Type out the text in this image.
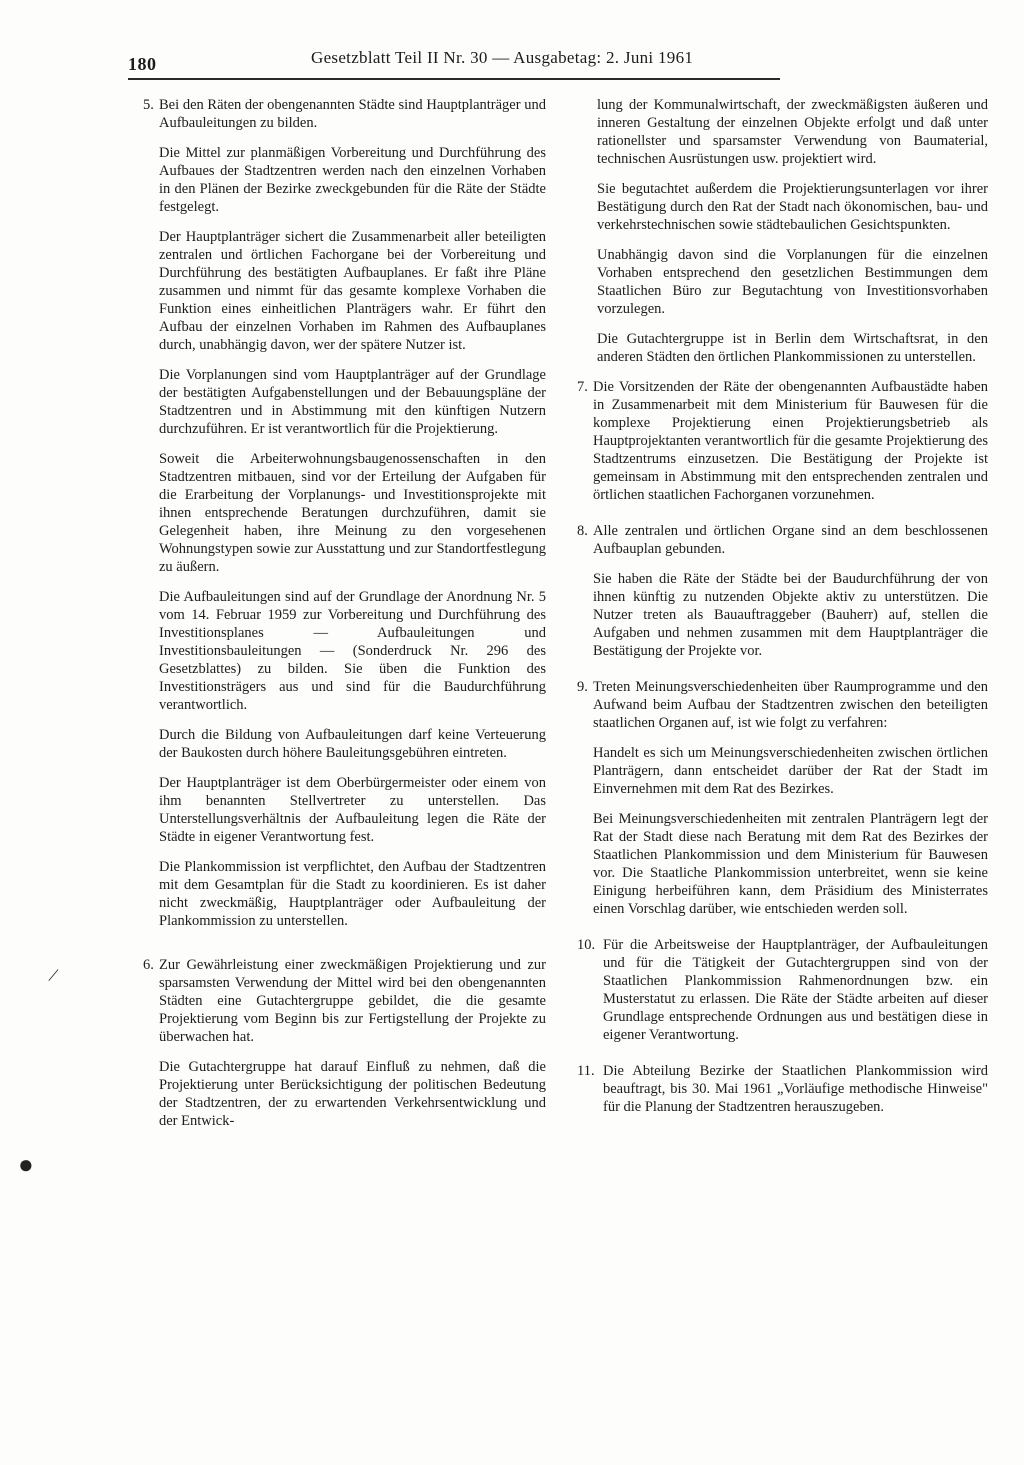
180	Gesetzblatt Teil II Nr. 30 — Ausgabetag: 2. Juni 1961
5. Bei den Räten der obengenannten Städte sind Hauptplanträger und Aufbauleitungen zu bilden.

Die Mittel zur planmäßigen Vorbereitung und Durchführung des Aufbaues der Stadtzentren werden nach den einzelnen Vorhaben in den Plänen der Bezirke zweckgebunden für die Räte der Städte festgelegt.

Der Hauptplanträger sichert die Zusammenarbeit aller beteiligten zentralen und örtlichen Fachorgane bei der Vorbereitung und Durchführung des bestätigten Aufbauplanes. Er faßt ihre Pläne zusammen und nimmt für das gesamte komplexe Vorhaben die Funktion eines einheitlichen Planträgers wahr. Er führt den Aufbau der einzelnen Vorhaben im Rahmen des Aufbauplanes durch, unabhängig davon, wer der spätere Nutzer ist.

Die Vorplanungen sind vom Hauptplanträger auf der Grundlage der bestätigten Aufgabenstellungen und der Bebauungspläne der Stadtzentren und in Abstimmung mit den künftigen Nutzern durchzuführen. Er ist verantwortlich für die Projektierung.

Soweit die Arbeiterwohnungsbaugenossenschaften in den Stadtzentren mitbauen, sind vor der Erteilung der Aufgaben für die Erarbeitung der Vorplanungs- und Investitionsprojekte mit ihnen entsprechende Beratungen durchzuführen, damit sie Gelegenheit haben, ihre Meinung zu den vorgesehenen Wohnungstypen sowie zur Ausstattung und zur Standortfestlegung zu äußern.

Die Aufbauleitungen sind auf der Grundlage der Anordnung Nr. 5 vom 14. Februar 1959 zur Vorbereitung und Durchführung des Investitionsplanes — Aufbauleitungen und Investitionsbauleitungen — (Sonderdruck Nr. 296 des Gesetzblattes) zu bilden. Sie üben die Funktion des Investitionsträgers aus und sind für die Baudurchführung verantwortlich.

Durch die Bildung von Aufbauleitungen darf keine Verteuerung der Baukosten durch höhere Bauleitungsgebühren eintreten.

Der Hauptplanträger ist dem Oberbürgermeister oder einem von ihm benannten Stellvertreter zu unterstellen. Das Unterstellungsverhältnis der Aufbauleitung legen die Räte der Städte in eigener Verantwortung fest.

Die Plankommission ist verpflichtet, den Aufbau der Stadtzentren mit dem Gesamtplan für die Stadt zu koordinieren. Es ist daher nicht zweckmäßig, Hauptplanträger oder Aufbauleitung der Plankommission zu unterstellen.

6. Zur Gewährleistung einer zweckmäßigen Projektierung und zur sparsamsten Verwendung der Mittel wird bei den obengenannten Städten eine Gutachtergruppe gebildet, die die gesamte Projektierung vom Beginn bis zur Fertigstellung der Projekte zu überwachen hat.

Die Gutachtergruppe hat darauf Einfluß zu nehmen, daß die Projektierung unter Berücksichtigung der politischen Bedeutung der Stadtzentren, der zu erwartenden Verkehrsentwicklung und der Entwick-

lung der Kommunalwirtschaft, der zweckmäßigsten äußeren und inneren Gestaltung der einzelnen Objekte erfolgt und daß unter rationellster und sparsamster Verwendung von Baumaterial, technischen Ausrüstungen usw. projektiert wird.

Sie begutachtet außerdem die Projektierungsunterlagen vor ihrer Bestätigung durch den Rat der Stadt nach ökonomischen, bau- und verkehrstechnischen sowie städtebaulichen Gesichtspunkten.

Unabhängig davon sind die Vorplanungen für die einzelnen Vorhaben entsprechend den gesetzlichen Bestimmungen dem Staatlichen Büro zur Begutachtung von Investitionsvorhaben vorzulegen.

Die Gutachtergruppe ist in Berlin dem Wirtschaftsrat, in den anderen Städten den örtlichen Plankommissionen zu unterstellen.

7. Die Vorsitzenden der Räte der obengenannten Aufbaustädte haben in Zusammenarbeit mit dem Ministerium für Bauwesen für die komplexe Projektierung einen Projektierungsbetrieb als Hauptprojektanten verantwortlich für die gesamte Projektierung des Stadtzentrums einzusetzen. Die Bestätigung der Projekte ist gemeinsam in Abstimmung mit den entsprechenden zentralen und örtlichen staatlichen Fachorganen vorzunehmen.

8. Alle zentralen und örtlichen Organe sind an dem beschlossenen Aufbauplan gebunden.

Sie haben die Räte der Städte bei der Baudurchführung der von ihnen künftig zu nutzenden Objekte aktiv zu unterstützen. Die Nutzer treten als Bauauftraggeber (Bauherr) auf, stellen die Aufgaben und nehmen zusammen mit dem Hauptplanträger die Bestätigung der Projekte vor.

9. Treten Meinungsverschiedenheiten über Raumprogramme und den Aufwand beim Aufbau der Stadtzentren zwischen den beteiligten staatlichen Organen auf, ist wie folgt zu verfahren:

Handelt es sich um Meinungsverschiedenheiten zwischen örtlichen Planträgern, dann entscheidet darüber der Rat der Stadt im Einvernehmen mit dem Rat des Bezirkes.

Bei Meinungsverschiedenheiten mit zentralen Planträgern legt der Rat der Stadt diese nach Beratung mit dem Rat des Bezirkes der Staatlichen Plankommission und dem Ministerium für Bauwesen vor. Die Staatliche Plankommission unterbreitet, wenn sie keine Einigung herbeiführen kann, dem Präsidium des Ministerrates einen Vorschlag darüber, wie entschieden werden soll.

10. Für die Arbeitsweise der Hauptplanträger, der Aufbauleitungen und für die Tätigkeit der Gutachtergruppen sind von der Staatlichen Plankommission Rahmenordnungen bzw. ein Musterstatut zu erlassen. Die Räte der Städte arbeiten auf dieser Grundlage entsprechende Ordnungen aus und bestätigen diese in eigener Verantwortung.

11. Die Abteilung Bezirke der Staatlichen Plankommission wird beauftragt, bis 30. Mai 1961 „Vorläufige methodische Hinweise" für die Planung der Stadtzentren herauszugeben.

●
|
